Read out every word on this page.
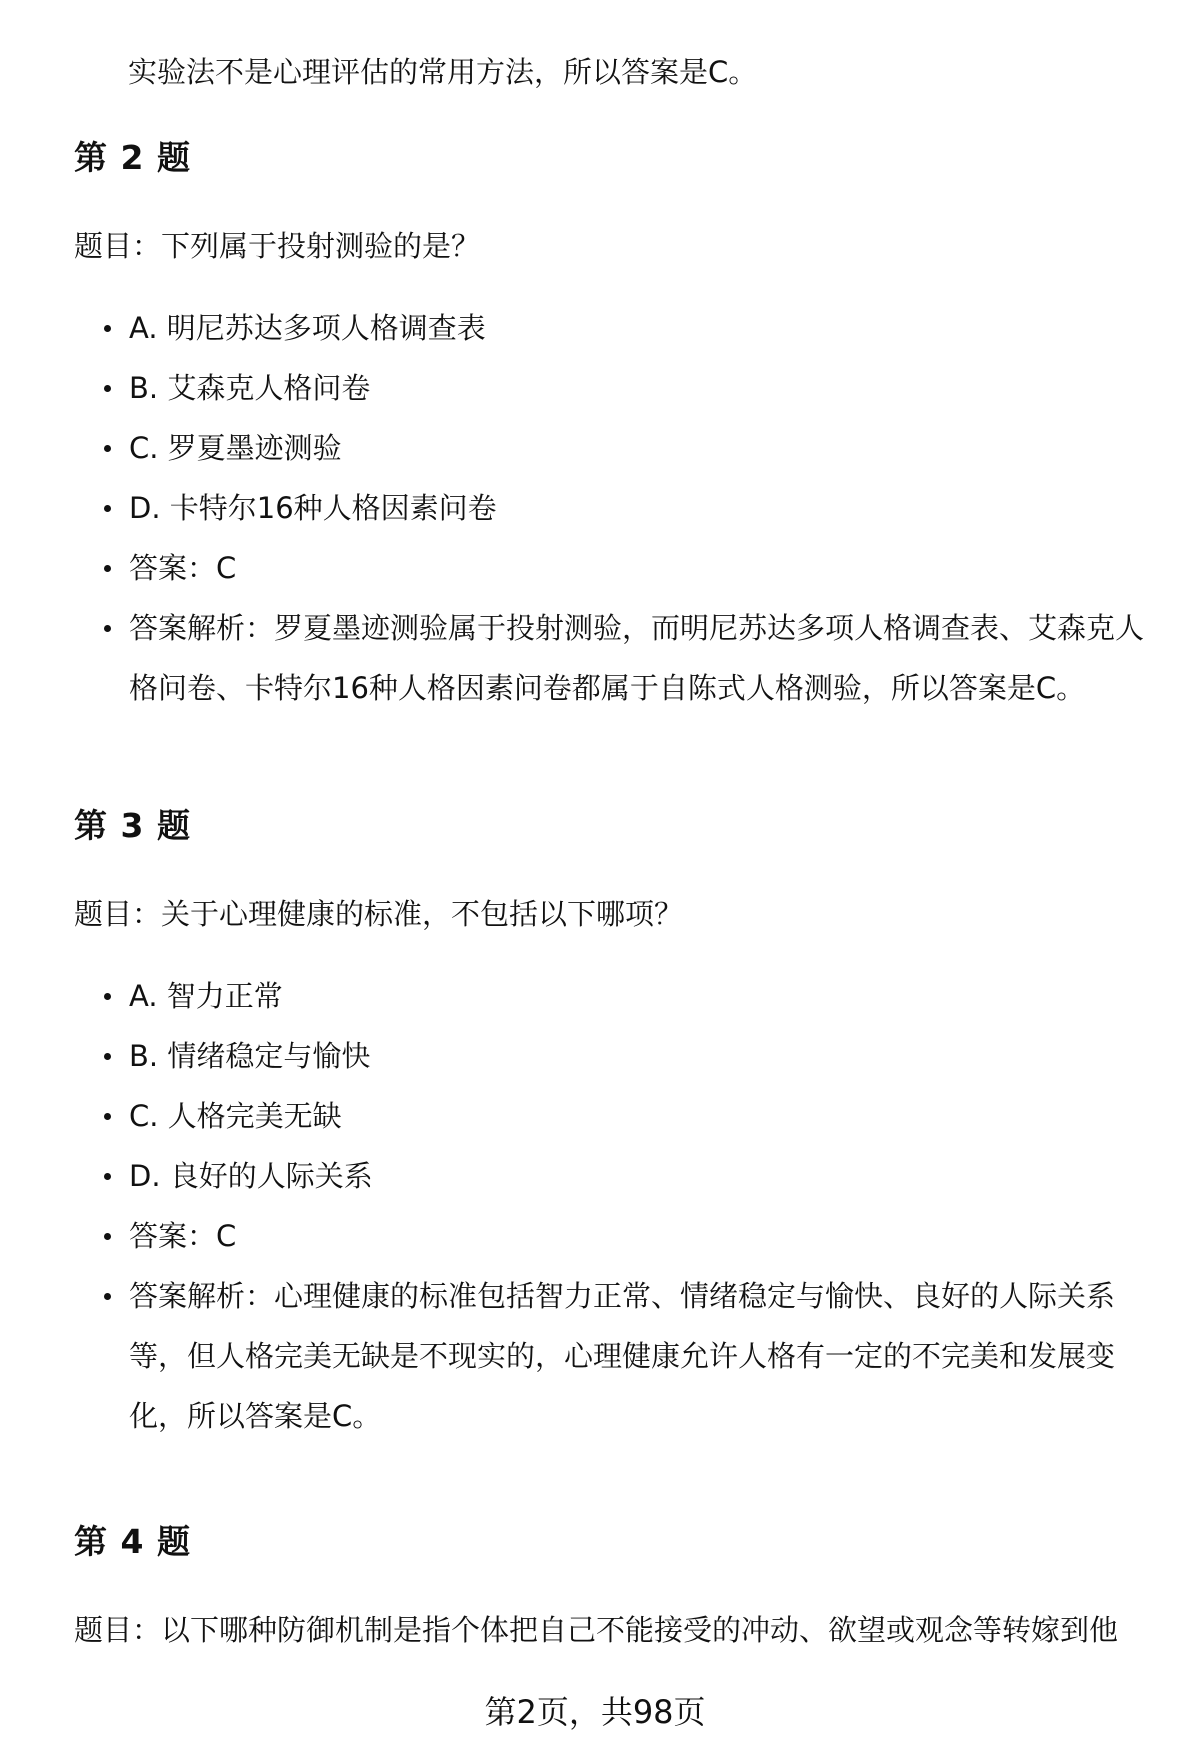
实验法不是心理评估的常用方法，所以答案是C。
第 2 题
题目：下列属于投射测验的是？
A. 明尼苏达多项人格调查表
B. 艾森克人格问卷
C. 罗夏墨迹测验
D. 卡特尔16种人格因素问卷
答案：C
答案解析：罗夏墨迹测验属于投射测验，而明尼苏达多项人格调查表、艾森克人格问卷、卡特尔16种人格因素问卷都属于自陈式人格测验，所以答案是C。
第 3 题
题目：关于心理健康的标准，不包括以下哪项？
A. 智力正常
B. 情绪稳定与愉快
C. 人格完美无缺
D. 良好的人际关系
答案：C
答案解析：心理健康的标准包括智力正常、情绪稳定与愉快、良好的人际关系等，但人格完美无缺是不现实的，心理健康允许人格有一定的不完美和发展变化，所以答案是C。
第 4 题
题目：以下哪种防御机制是指个体把自己不能接受的冲动、欲望或观念等转嫁到他
第2页，共98页
